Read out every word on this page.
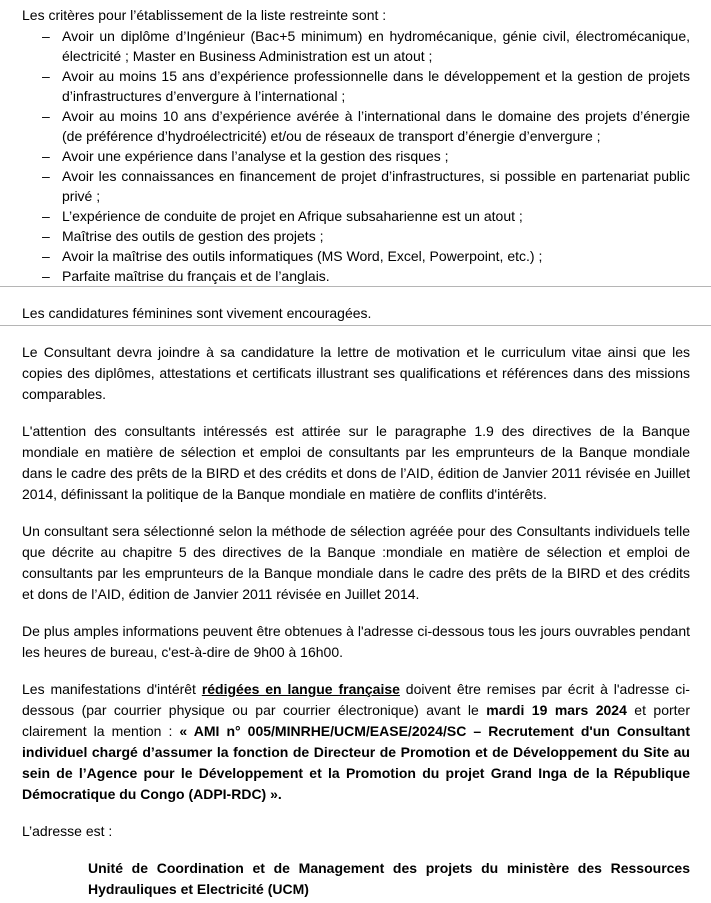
Les critères pour l’établissement de la liste restreinte sont :

– Avoir un diplôme d’Ingénieur (Bac+5 minimum) en hydromécanique, génie civil, électromécanique, électricité ; Master en Business Administration est un atout ;
– Avoir au moins 15 ans d’expérience professionnelle dans le développement et la gestion de projets d’infrastructures d’envergure à l’international ;
– Avoir au moins 10 ans d’expérience avérée à l’international dans le domaine des projets d’énergie (de préférence d’hydroélectricité) et/ou de réseaux de transport d’énergie d’envergure ;
– Avoir une expérience dans l’analyse et la gestion des risques ;
– Avoir les connaissances en financement de projet d’infrastructures, si possible en partenariat public privé ;
– L’expérience de conduite de projet en Afrique subsaharienne est un atout ;
– Maîtrise des outils de gestion des projets ;
– Avoir la maîtrise des outils informatiques (MS Word, Excel, Powerpoint, etc.) ;
– Parfaite maîtrise du français et de l’anglais.

Les candidatures féminines sont vivement encouragées.

Le Consultant devra joindre à sa candidature la lettre de motivation et le curriculum vitae ainsi que les copies des diplômes, attestations et certificats illustrant ses qualifications et références dans des missions comparables.

L'attention des consultants intéressés est attirée sur le paragraphe 1.9 des directives de la Banque mondiale en matière de sélection et emploi de consultants par les emprunteurs de la Banque mondiale dans le cadre des prêts de la BIRD et des crédits et dons de l’AID, édition de Janvier 2011 révisée en Juillet 2014, définissant la politique de la Banque mondiale en matière de conflits d'intérêts.

Un consultant sera sélectionné selon la méthode de sélection agréée pour des Consultants individuels telle que décrite au chapitre 5 des directives de la Banque :mondiale en matière de sélection et emploi de consultants par les emprunteurs de la Banque mondiale dans le cadre des prêts de la BIRD et des crédits et dons de l’AID, édition de Janvier 2011 révisée en Juillet 2014.

De plus amples informations peuvent être obtenues à l'adresse ci-dessous tous les jours ouvrables pendant les heures de bureau, c'est-à-dire de 9h00 à 16h00.

Les manifestations d'intérêt rédigées en langue française doivent être remises par écrit à l'adresse ci-dessous (par courrier physique ou par courrier électronique) avant le mardi 19 mars 2024 et porter clairement la mention : « AMI n° 005/MINRHE/UCM/EASE/2024/SC – Recrutement d'un Consultant individuel chargé d’assumer la fonction de Directeur de Promotion et de Développement du Site au sein de l’Agence pour le Développement et la Promotion du projet Grand Inga de la République Démocratique du Congo (ADPI-RDC) ».

L’adresse est :

Unité de Coordination et de Management des projets du ministère des Ressources Hydrauliques et Electricité (UCM)
